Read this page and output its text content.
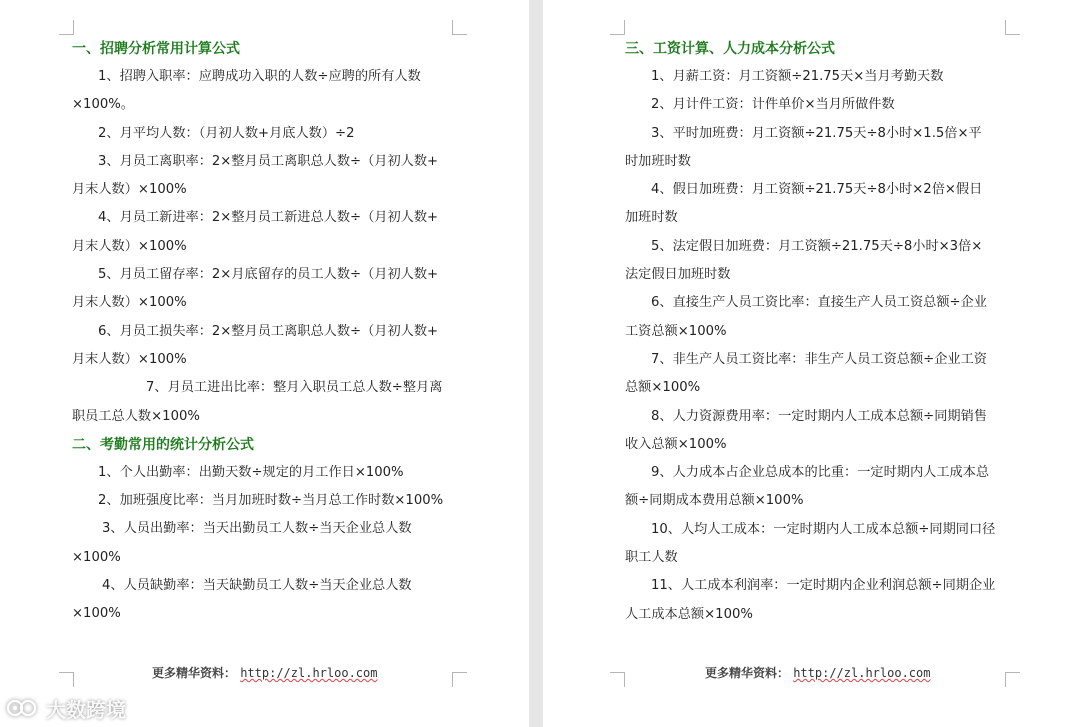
一、招聘分析常用计算公式
1、招聘入职率：应聘成功入职的人数÷应聘的所有人数
×100%。
2、月平均人数：（月初人数+月底人数）÷2
3、月员工离职率：2×整月员工离职总人数÷（月初人数+
月末人数）×100%
4、月员工新进率：2×整月员工新进总人数÷（月初人数+
月末人数）×100%
5、月员工留存率：2×月底留存的员工人数÷（月初人数+
月末人数）×100%
6、月员工损失率：2×整月员工离职总人数÷（月初人数+
月末人数）×100%
7、月员工进出比率：整月入职员工总人数÷整月离
职员工总人数×100%
二、考勤常用的统计分析公式
1、个人出勤率：出勤天数÷规定的月工作日×100%
2、加班强度比率：当月加班时数÷当月总工作时数×100%
3、人员出勤率：当天出勤员工人数÷当天企业总人数
×100%
4、人员缺勤率：当天缺勤员工人数÷当天企业总人数
×100%
更多精华资料： http://zl.hrloo.com
三、工资计算、人力成本分析公式
1、月薪工资：月工资额÷21.75天×当月考勤天数
2、月计件工资：计件单价×当月所做件数
3、平时加班费：月工资额÷21.75天÷8小时×1.5倍×平
时加班时数
4、假日加班费：月工资额÷21.75天÷8小时×2倍×假日
加班时数
5、法定假日加班费：月工资额÷21.75天÷8小时×3倍×
法定假日加班时数
6、直接生产人员工资比率：直接生产人员工资总额÷企业
工资总额×100%
7、非生产人员工资比率：非生产人员工资总额÷企业工资
总额×100%
8、人力资源费用率：一定时期内人工成本总额÷同期销售
收入总额×100%
9、人力成本占企业总成本的比重：一定时期内人工成本总
额÷同期成本费用总额×100%
10、人均人工成本：一定时期内人工成本总额÷同期同口径
职工人数
11、人工成本利润率：一定时期内企业利润总额÷同期企业
人工成本总额×100%
更多精华资料： http://zl.hrloo.com
大数跨境
